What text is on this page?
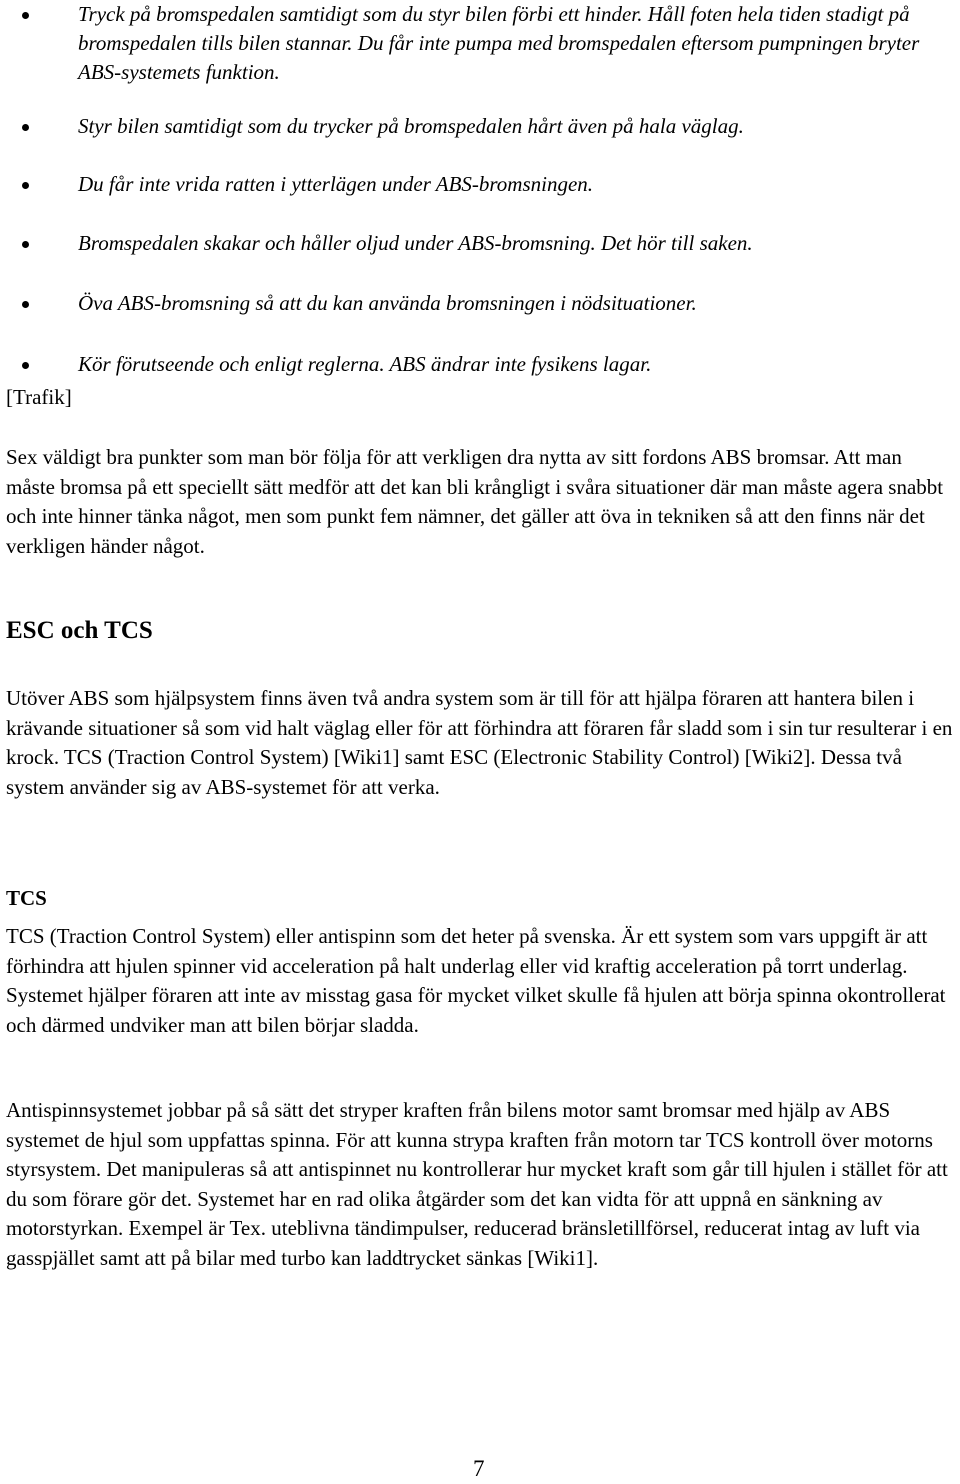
Tryck på bromspedalen samtidigt som du styr bilen förbi ett hinder. Håll foten hela tiden stadigt på bromspedalen tills bilen stannar. Du får inte pumpa med bromspedalen eftersom pumpningen bryter ABS-systemets funktion.

Styr bilen samtidigt som du trycker på bromspedalen hårt även på hala väglag.

Du får inte vrida ratten i ytterlägen under ABS-bromsningen.

Bromspedalen skakar och håller oljud under ABS-bromsning. Det hör till saken.

Öva ABS-bromsning så att du kan använda bromsningen i nödsituationer.

Kör förutseende och enligt reglerna. ABS ändrar inte fysikens lagar.

[Trafik]

Sex väldigt bra punkter som man bör följa för att verkligen dra nytta av sitt fordons ABS bromsar. Att man måste bromsa på ett speciellt sätt medför att det kan bli krångligt i svåra situationer där man måste agera snabbt och inte hinner tänka något, men som punkt fem nämner, det gäller att öva in tekniken så att den finns när det verkligen händer något.

ESC och TCS

Utöver ABS som hjälpsystem finns även två andra system som är till för att hjälpa föraren att hantera bilen i krävande situationer så som vid halt väglag eller för att förhindra att föraren får sladd som i sin tur resulterar i en krock. TCS (Traction Control System) [Wiki1] samt ESC (Electronic Stability Control) [Wiki2]. Dessa två system använder sig av ABS-systemet för att verka.

TCS

TCS (Traction Control System) eller antispinn som det heter på svenska. Är ett system som vars uppgift är att förhindra att hjulen spinner vid acceleration på halt underlag eller vid kraftig acceleration på torrt underlag. Systemet hjälper föraren att inte av misstag gasa för mycket vilket skulle få hjulen att börja spinna okontrollerat och därmed undviker man att bilen börjar sladda.

Antispinnsystemet jobbar på så sätt det stryper kraften från bilens motor samt bromsar med hjälp av ABS systemet de hjul som uppfattas spinna. För att kunna strypa kraften från motorn tar TCS kontroll över motorns styrsystem. Det manipuleras så att antispinnet nu kontrollerar hur mycket kraft som går till hjulen i stället för att du som förare gör det. Systemet har en rad olika åtgärder som det kan vidta för att uppnå en sänkning av motorstyrkan. Exempel är Tex. uteblivna tändimpulser, reducerad bränsletillförsel, reducerat intag av luft via gasspjället samt att på bilar med turbo kan laddtrycket sänkas [Wiki1].

7
